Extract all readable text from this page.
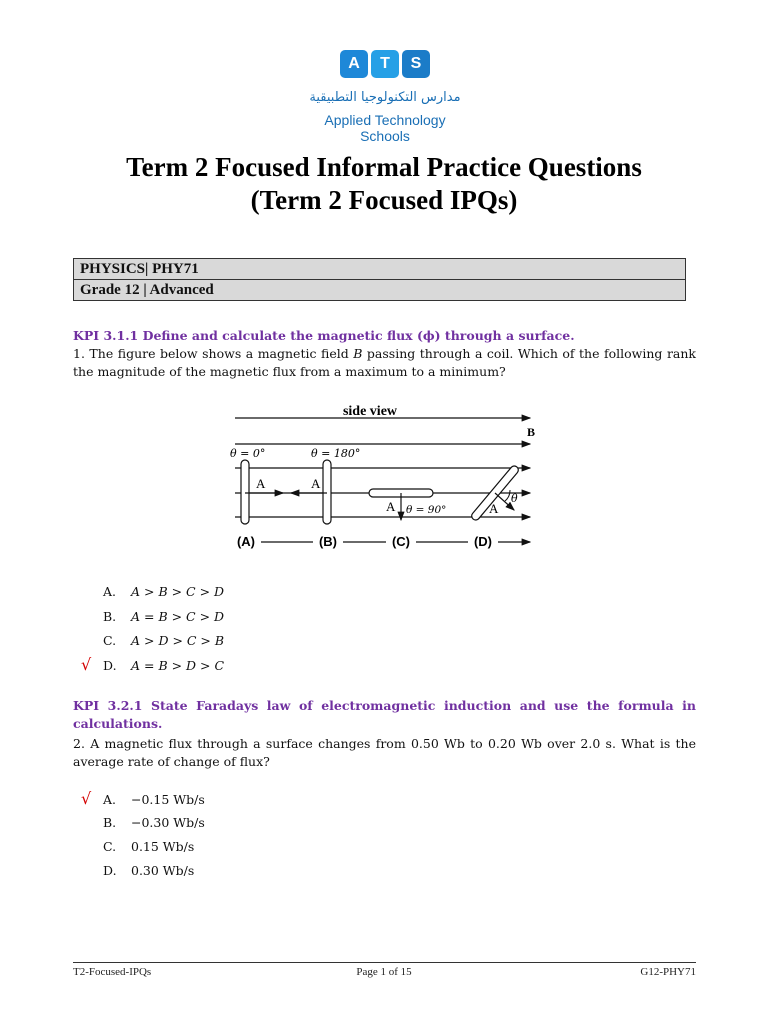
A	T	S
مدارس التكنولوجيا التطبيقية
Applied Technology Schools
Term 2 Focused Informal Practice Questions
(Term 2 Focused IPQs)
PHYSICS| PHY71
Grade 12 | Advanced
KPI 3.1.1 Define and calculate the magnetic flux (ϕ) through a surface.
1. The figure below shows a magnetic field B passing through a coil. Which of the following rank
the magnitude of the magnetic flux from a maximum to a minimum?
side view
B
θ = 0°	θ = 180°
A	A
A θ = 90°	A
θ
(A)	(B)	(C)	(D)
A. A > B > C > D
B. A = B > C > D
C. A > D > C > B
√ D. A = B > D > C
KPI 3.2.1 State Faradays law of electromagnetic induction and use the formula in
calculations.
2. A magnetic flux through a surface changes from 0.50 Wb to 0.20 Wb over 2.0 s. What is the
average rate of change of flux?
√ A. −0.15 Wb/s
B. −0.30 Wb/s
C. 0.15 Wb/s
D. 0.30 Wb/s
T2-Focused-IPQs	Page 1 of 15	G12-PHY71
